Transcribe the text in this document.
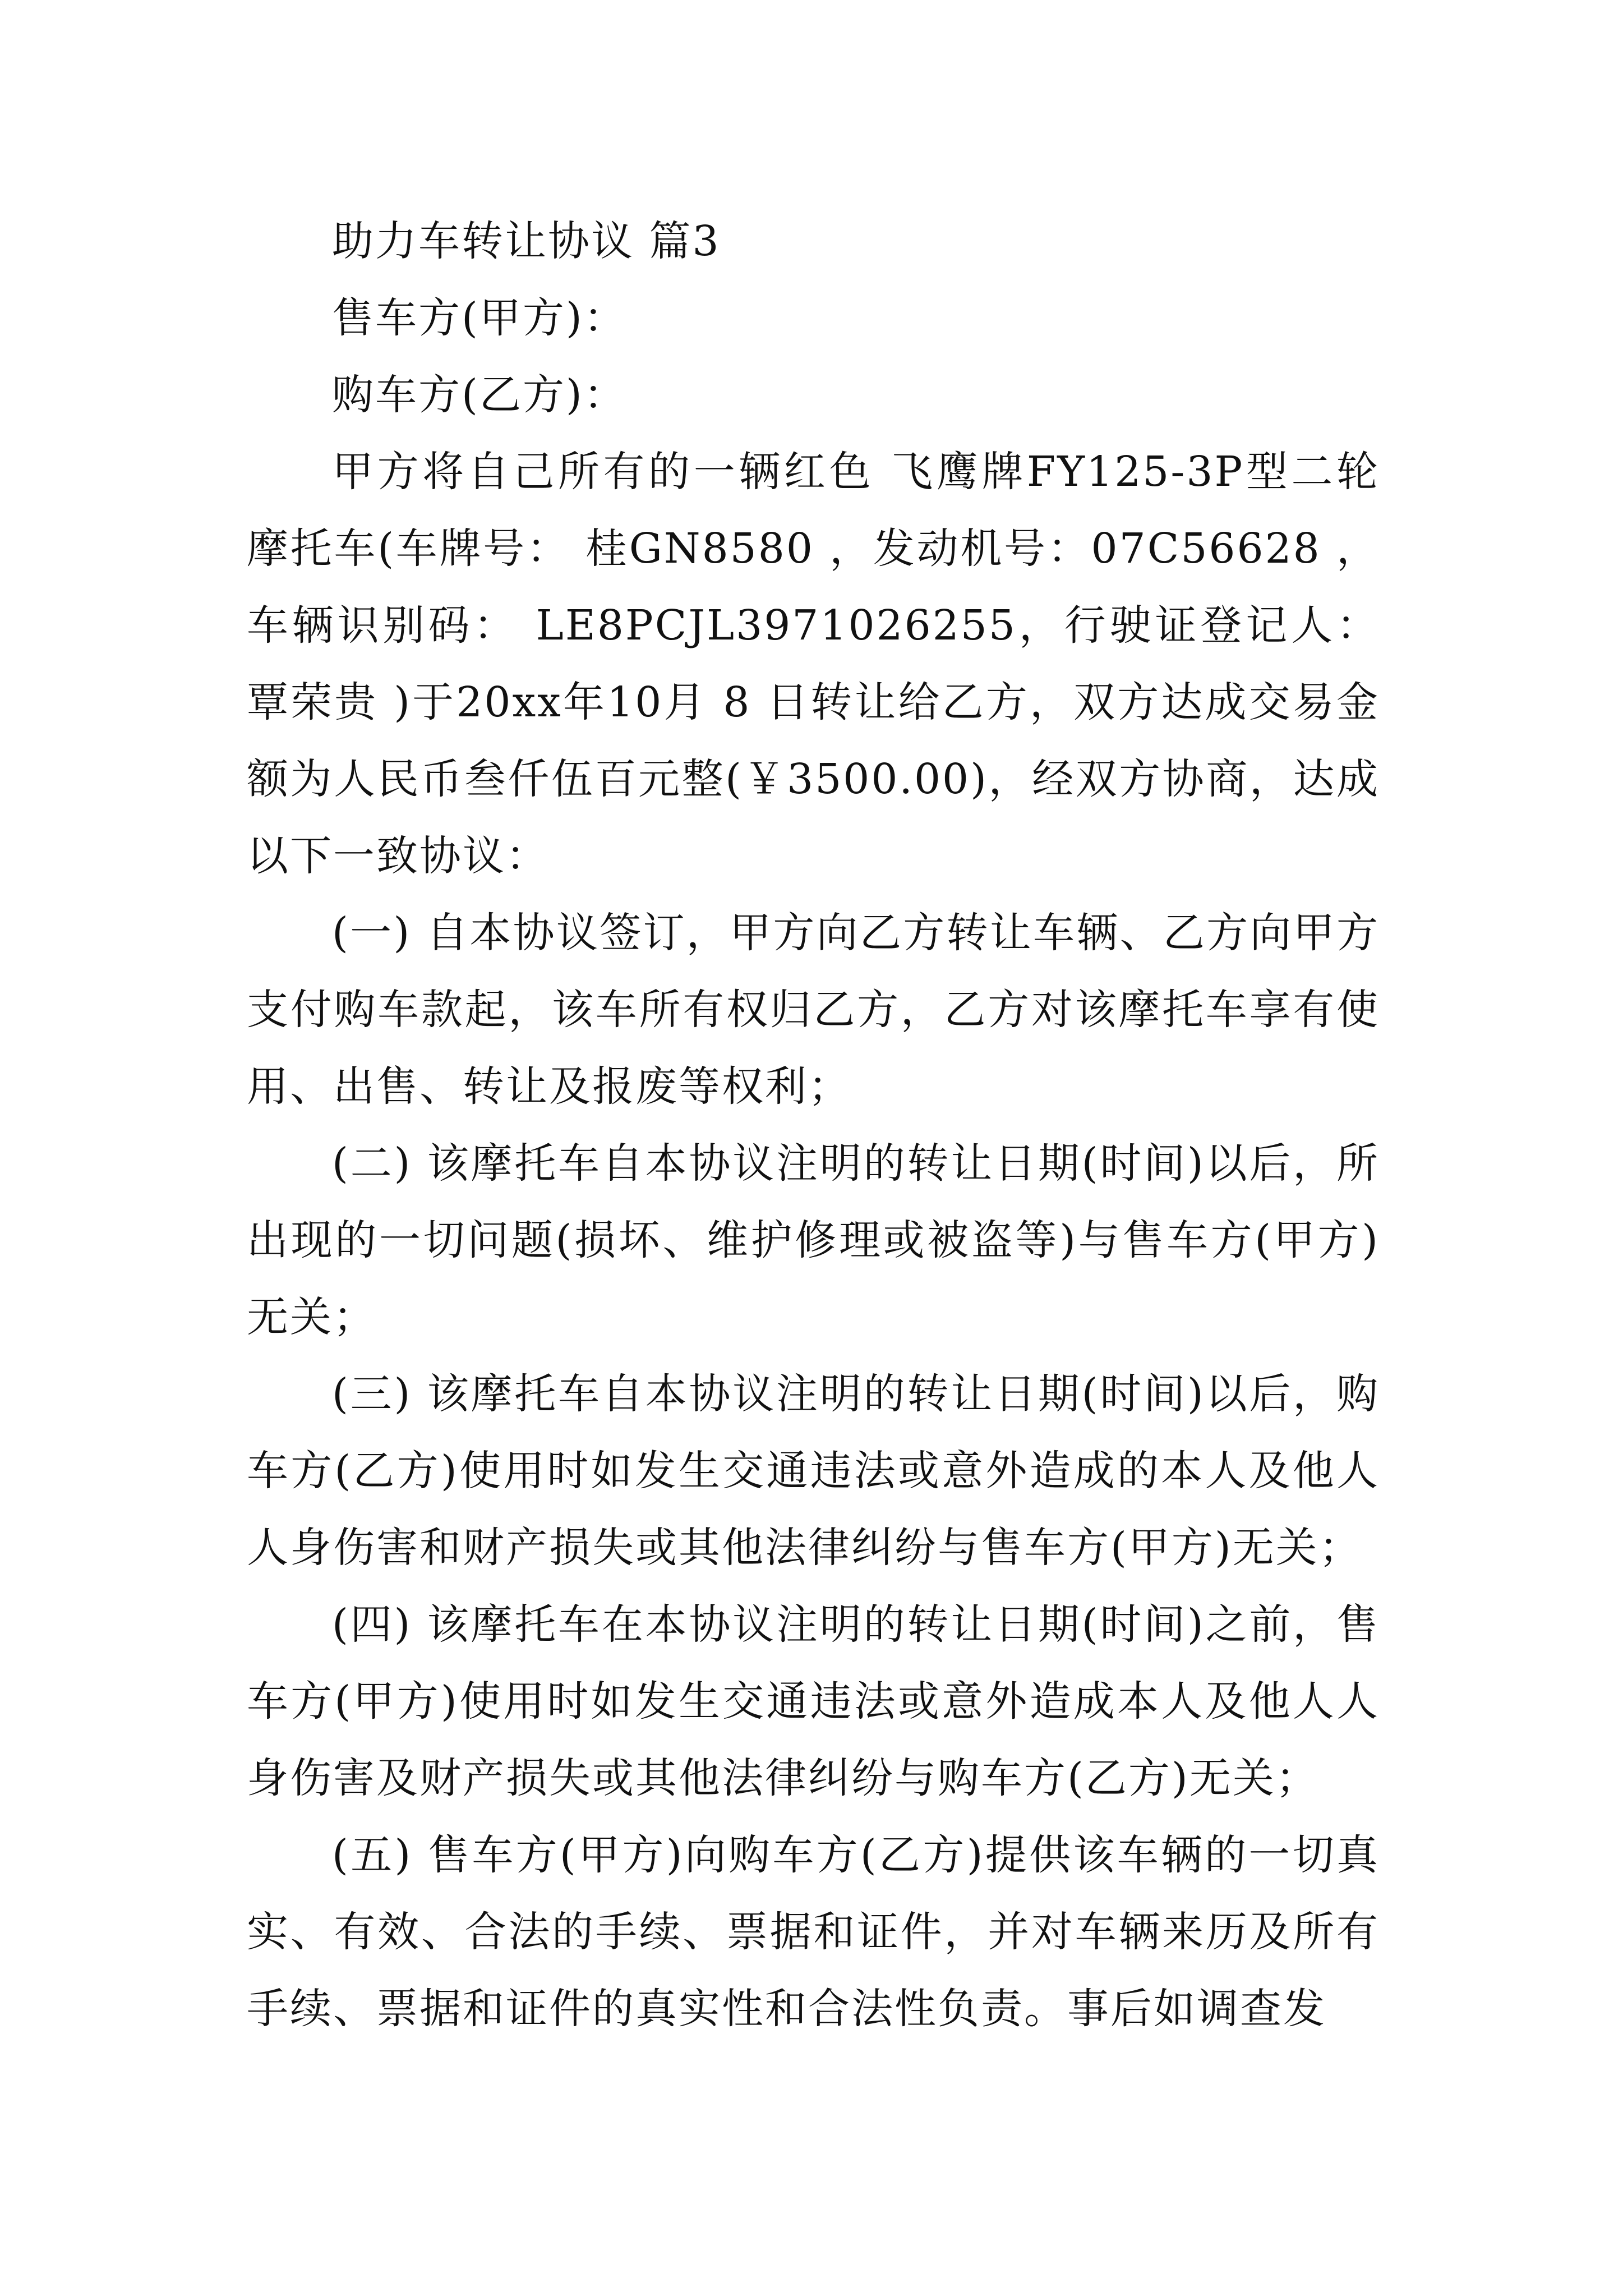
助力车转让协议 篇3

售车方(甲方)：

购车方(乙方)：

甲方将自己所有的一辆红色 飞鹰牌FY125-3P型二轮摩托车(车牌号： 桂GN8580 ，发动机号：07C56628 ，车辆识别码： LE8PCJL3971026255，行驶证登记人： 覃荣贵 )于20xx年10月 8 日转让给乙方，双方达成交易金额为人民币叁仟伍百元整(￥3500.00)，经双方协商，达成以下一致协议：

(一) 自本协议签订，甲方向乙方转让车辆、乙方向甲方支付购车款起，该车所有权归乙方，乙方对该摩托车享有使用、出售、转让及报废等权利；

(二) 该摩托车自本协议注明的转让日期(时间)以后，所出现的一切问题(损坏、维护修理或被盗等)与售车方(甲方)无关；

(三) 该摩托车自本协议注明的转让日期(时间)以后，购车方(乙方)使用时如发生交通违法或意外造成的本人及他人人身伤害和财产损失或其他法律纠纷与售车方(甲方)无关；

(四) 该摩托车在本协议注明的转让日期(时间)之前，售车方(甲方)使用时如发生交通违法或意外造成本人及他人人身伤害及财产损失或其他法律纠纷与购车方(乙方)无关；

(五) 售车方(甲方)向购车方(乙方)提供该车辆的一切真实、有效、合法的手续、票据和证件，并对车辆来历及所有手续、票据和证件的真实性和合法性负责。事后如调查发
